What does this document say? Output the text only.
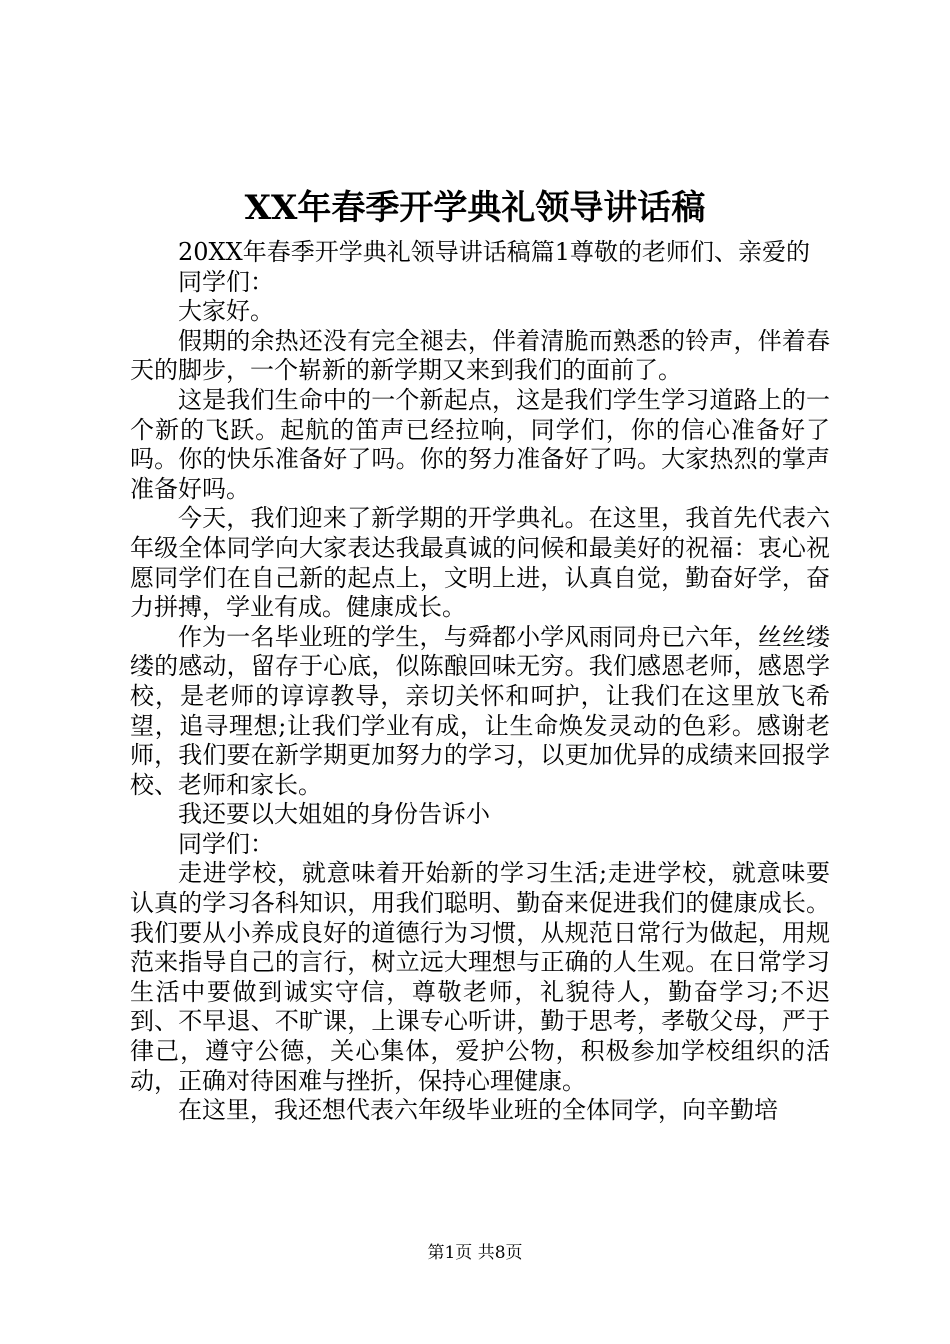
XX年春季开学典礼领导讲话稿

20XX年春季开学典礼领导讲话稿篇1尊敬的老师们、亲爱的

同学们：

大家好。

假期的余热还没有完全褪去，伴着清脆而熟悉的铃声，伴着春天的脚步，一个崭新的新学期又来到我们的面前了。

这是我们生命中的一个新起点，这是我们学生学习道路上的一个新的飞跃。起航的笛声已经拉响，同学们，你的信心准备好了吗。你的快乐准备好了吗。你的努力准备好了吗。大家热烈的掌声准备好吗。

今天，我们迎来了新学期的开学典礼。在这里，我首先代表六年级全体同学向大家表达我最真诚的问候和最美好的祝福：衷心祝愿同学们在自己新的起点上，文明上进，认真自觉，勤奋好学，奋力拼搏，学业有成。健康成长。

作为一名毕业班的学生，与舜都小学风雨同舟已六年，丝丝缕缕的感动，留存于心底，似陈酿回味无穷。我们感恩老师，感恩学校，是老师的谆谆教导，亲切关怀和呵护，让我们在这里放飞希望，追寻理想;让我们学业有成，让生命焕发灵动的色彩。感谢老师，我们要在新学期更加努力的学习，以更加优异的成绩来回报学校、老师和家长。

我还要以大姐姐的身份告诉小

同学们：

走进学校，就意味着开始新的学习生活;走进学校，就意味要认真的学习各科知识，用我们聪明、勤奋来促进我们的健康成长。我们要从小养成良好的道德行为习惯，从规范日常行为做起，用规范来指导自己的言行，树立远大理想与正确的人生观。在日常学习生活中要做到诚实守信，尊敬老师，礼貌待人，勤奋学习;不迟到、不早退、不旷课，上课专心听讲，勤于思考，孝敬父母，严于律己，遵守公德，关心集体，爱护公物，积极参加学校组织的活动，正确对待困难与挫折，保持心理健康。

在这里，我还想代表六年级毕业班的全体同学，向辛勤培

第1页 共8页
